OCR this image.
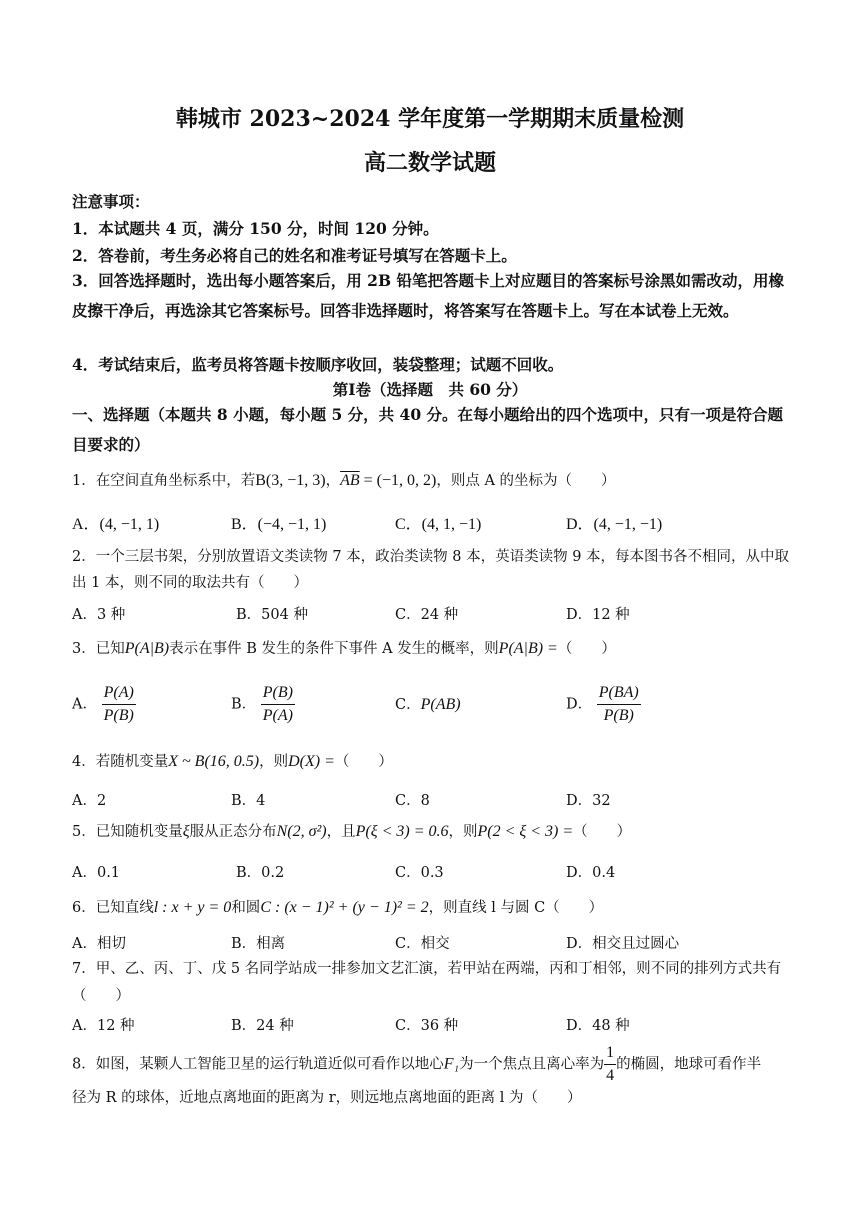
韩城市 2023~2024 学年度第一学期期末质量检测
高二数学试题
注意事项：
1．本试题共 4 页，满分 150 分，时间 120 分钟。
2．答卷前，考生务必将自己的姓名和准考证号填写在答题卡上。
3．回答选择题时，选出每小题答案后，用 2B 铅笔把答题卡上对应题目的答案标号涂黑如需改动，用橡皮擦干净后，再选涂其它答案标号。回答非选择题时，将答案写在答题卡上。写在本试卷上无效。
4．考试结束后，监考员将答题卡按顺序收回，装袋整理；试题不回收。
第Ⅰ卷（选择题　共 60 分）
一、选择题（本题共 8 小题，每小题 5 分，共 40 分。在每小题给出的四个选项中，只有一项是符合题目要求的）
1．在空间直角坐标系中，若B(3, −1, 3)，$\overline{AB} = (-1$, 0, 2)，则点 A 的坐标为（　　）
A．(4, −1, 1)	B．(−4, −1, 1)	C．(4, 1, −1)	D．(4, −1, −1)
2．一个三层书架，分别放置语文类读物 7 本，政治类读物 8 本，英语类读物 9 本，每本图书各不相同，从中取出 1 本，则不同的取法共有（　　）
A．3 种	B．504 种	C．24 种	D．12 种
3．已知P(A|B)表示在事件 B 发生的条件下事件 A 发生的概率，则P(A|B) =（　　）
A． $\frac{P(A)}{P(B)}$	B． $\frac{P(B)}{P(A)}$	C．P(AB)	D． $\frac{P(BA)}{P(B)}$
4．若随机变量X ~ B(16, 0.5)，则D(X) =（　　）
A．2	B．4	C．8	D．32
5．已知随机变量ξ服从正态分布N(2, σ²)，且P(ξ < 3) = 0.6，则P(2 < ξ < 3) =（　　）
A．0.1	B．0.2	C．0.3	D．0.4
6．已知直线l : x + y = 0和圆C : (x − 1)² + (y − 1)² = 2，则直线 l 与圆 C（　　）
A．相切	B．相离	C．相交	D．相交且过圆心
7．甲、乙、丙、丁、戊 5 名同学站成一排参加文艺汇演，若甲站在两端，丙和丁相邻，则不同的排列方式共有（　　）
A．12 种	B．24 种	C．36 种	D．48 种
8．如图，某颗人工智能卫星的运行轨道近似可看作以地心F₁为一个焦点且离心率为 $\frac{1}{4}$ 的椭圆，地球可看作半
径为 R 的球体，近地点离地面的距离为 r，则远地点离地面的距离 l 为（　　）
